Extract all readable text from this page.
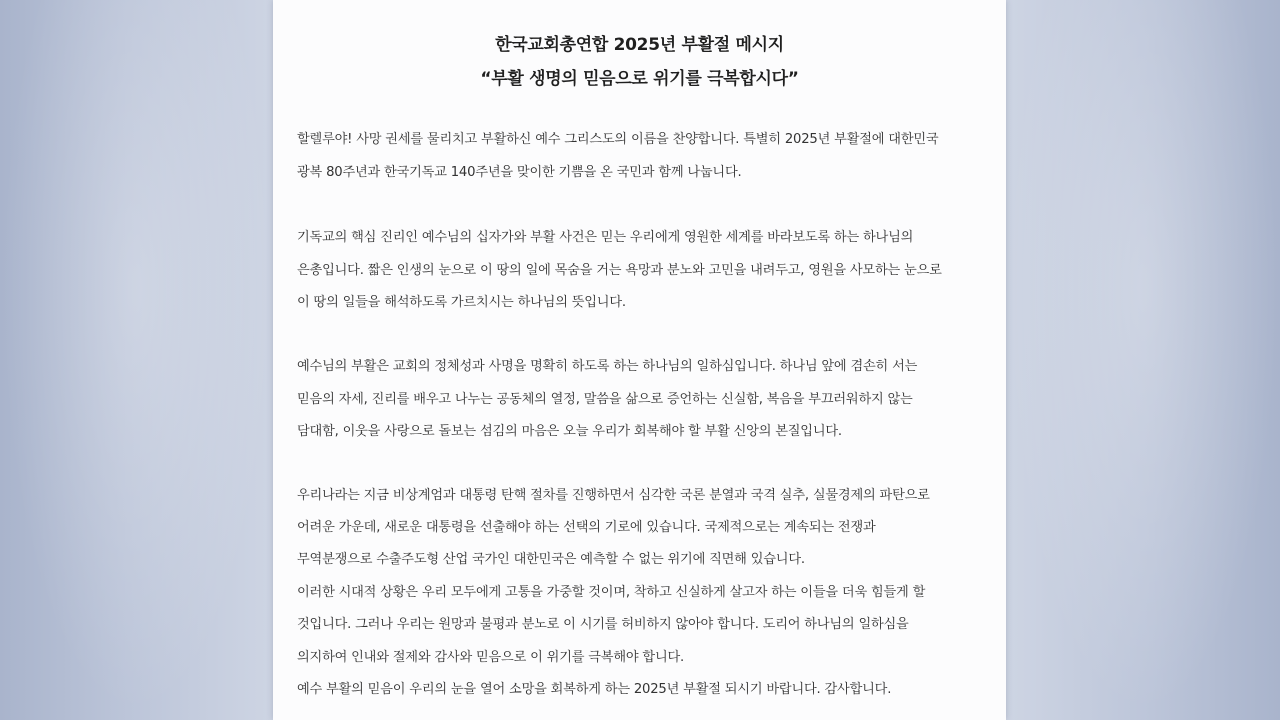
한국교회총연합 2025년 부활절 메시지
“부활 생명의 믿음으로 위기를 극복합시다”
할렐루야! 사망 권세를 물리치고 부활하신 예수 그리스도의 이름을 찬양합니다. 특별히 2025년 부활절에 대한민국
광복 80주년과 한국기독교 140주년을 맞이한 기쁨을 온 국민과 함께 나눕니다.
기독교의 핵심 진리인 예수님의 십자가와 부활 사건은 믿는 우리에게 영원한 세계를 바라보도록 하는 하나님의
은총입니다. 짧은 인생의 눈으로 이 땅의 일에 목숨을 거는 욕망과 분노와 고민을 내려두고, 영원을 사모하는 눈으로
이 땅의 일들을 해석하도록 가르치시는 하나님의 뜻입니다.
예수님의 부활은 교회의 정체성과 사명을 명확히 하도록 하는 하나님의 일하심입니다. 하나님 앞에 겸손히 서는
믿음의 자세, 진리를 배우고 나누는 공동체의 열정, 말씀을 삶으로 증언하는 신실함, 복음을 부끄러워하지 않는
담대함, 이웃을 사랑으로 돌보는 섬김의 마음은 오늘 우리가 회복해야 할 부활 신앙의 본질입니다.
우리나라는 지금 비상계엄과 대통령 탄핵 절차를 진행하면서 심각한 국론 분열과 국격 실추, 실물경제의 파탄으로
어려운 가운데, 새로운 대통령을 선출해야 하는 선택의 기로에 있습니다. 국제적으로는 계속되는 전쟁과
무역분쟁으로 수출주도형 산업 국가인 대한민국은 예측할 수 없는 위기에 직면해 있습니다.
이러한 시대적 상황은 우리 모두에게 고통을 가중할 것이며, 착하고 신실하게 살고자 하는 이들을 더욱 힘들게 할
것입니다. 그러나 우리는 원망과 불평과 분노로 이 시기를 허비하지 않아야 합니다. 도리어 하나님의 일하심을
의지하여 인내와 절제와 감사와 믿음으로 이 위기를 극복해야 합니다.
예수 부활의 믿음이 우리의 눈을 열어 소망을 회복하게 하는 2025년 부활절 되시기 바랍니다. 감사합니다.
